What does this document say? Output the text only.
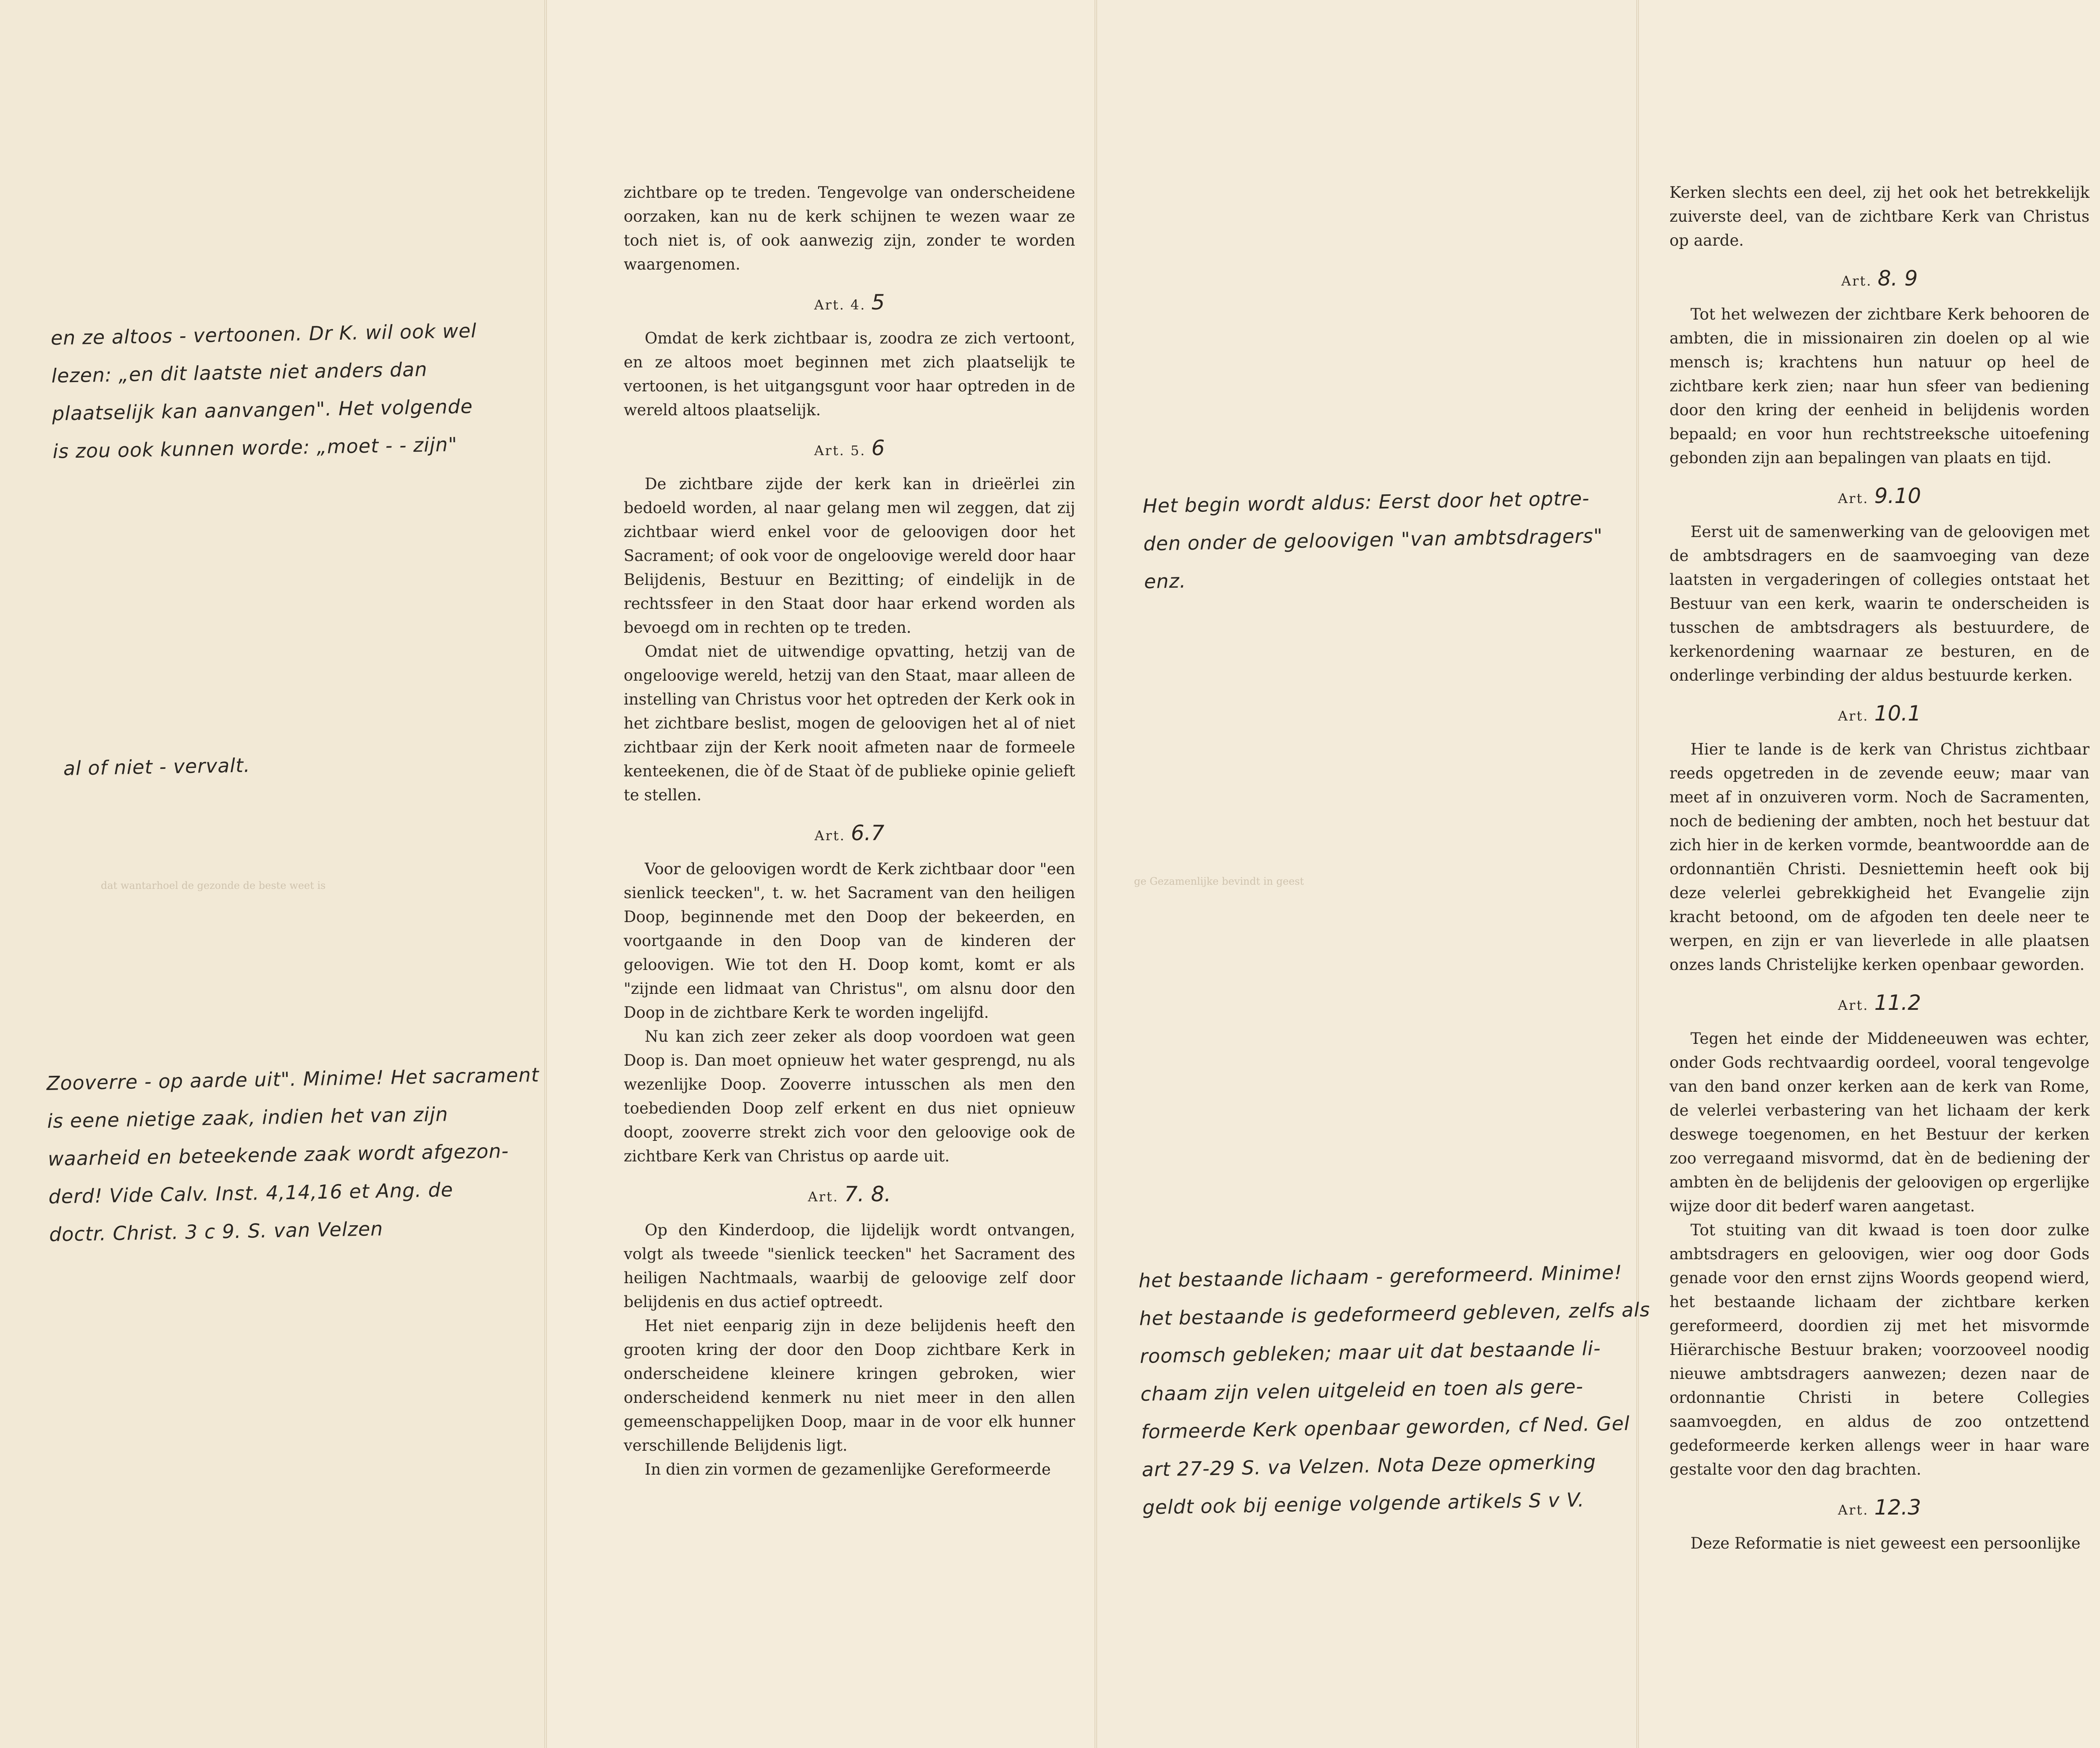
dat wantarhoel de gezonde de beste weet is	ge Gezamenlijke bevindt in geest

zichtbare op te treden. Tengevolge van onderscheidene oorzaken, kan nu de kerk schijnen te wezen waar ze toch niet is, of ook aanwezig zijn, zonder te worden waargenomen.

Art. 4. 5

Omdat de kerk zichtbaar is, zoodra ze zich vertoont, en ze altoos moet beginnen met zich plaatselijk te vertoonen, is het uitgangsgunt voor haar optreden in de wereld altoos plaatselijk.

Art. 5. 6

De zichtbare zijde der kerk kan in drieërlei zin bedoeld worden, al naar gelang men wil zeggen, dat zij zichtbaar wierd enkel voor de geloovigen door het Sacrament; of ook voor de ongeloovige wereld door haar Belijdenis, Bestuur en Bezitting; of eindelijk in de rechtssfeer in den Staat door haar erkend worden als bevoegd om in rechten op te treden.

Omdat niet de uitwendige opvatting, hetzij van de ongeloovige wereld, hetzij van den Staat, maar alleen de instelling van Christus voor het optreden der Kerk ook in het zichtbare beslist, mogen de geloovigen het al of niet zichtbaar zijn der Kerk nooit afmeten naar de formeele kenteekenen, die òf de Staat òf de publieke opinie gelieft te stellen.

Art. 6.7

Voor de geloovigen wordt de Kerk zichtbaar door "een sienlick teecken", t. w. het Sacrament van den heiligen Doop, beginnende met den Doop der bekeerden, en voortgaande in den Doop van de kinderen der geloovigen. Wie tot den H. Doop komt, komt er als "zijnde een lidmaat van Christus", om alsnu door den Doop in de zichtbare Kerk te worden ingelijfd.

Nu kan zich zeer zeker als doop voordoen wat geen Doop is. Dan moet opnieuw het water gesprengd, nu als wezenlijke Doop. Zooverre intusschen als men den toebedienden Doop zelf erkent en dus niet opnieuw doopt, zooverre strekt zich voor den geloovige ook de zichtbare Kerk van Christus op aarde uit.

Art. 7. 8.

Op den Kinderdoop, die lijdelijk wordt ontvangen, volgt als tweede "sienlick teecken" het Sacrament des heiligen Nachtmaals, waarbij de geloovige zelf door belijdenis en dus actief optreedt.

Het niet eenparig zijn in deze belijdenis heeft den grooten kring der door den Doop zichtbare Kerk in onderscheidene kleinere kringen gebroken, wier onderscheidend kenmerk nu niet meer in den allen gemeenschappelijken Doop, maar in de voor elk hunner verschillende Belijdenis ligt.

In dien zin vormen de gezamenlijke Gereformeerde

Kerken slechts een deel, zij het ook het betrekkelijk zuiverste deel, van de zichtbare Kerk van Christus op aarde.

Art. 8. 9

Tot het welwezen der zichtbare Kerk behooren de ambten, die in missionairen zin doelen op al wie mensch is; krachtens hun natuur op heel de zichtbare kerk zien; naar hun sfeer van bediening door den kring der eenheid in belijdenis worden bepaald; en voor hun rechtstreeksche uitoefening gebonden zijn aan bepalingen van plaats en tijd.

Art. 9.10

Eerst uit de samenwerking van de geloovigen met de ambtsdragers en de saamvoeging van deze laatsten in vergaderingen of collegies ontstaat het Bestuur van een kerk, waarin te onderscheiden is tusschen de ambtsdragers als bestuurdere, de kerkenordening waarnaar ze besturen, en de onderlinge verbinding der aldus bestuurde kerken.

Art. 10.1

Hier te lande is de kerk van Christus zichtbaar reeds opgetreden in de zevende eeuw; maar van meet af in onzuiveren vorm. Noch de Sacramenten, noch de bediening der ambten, noch het bestuur dat zich hier in de kerken vormde, beantwoordde aan de ordonnantiën Christi. Desniettemin heeft ook bij deze velerlei gebrekkigheid het Evangelie zijn kracht betoond, om de afgoden ten deele neer te werpen, en zijn er van lieverlede in alle plaatsen onzes lands Christelijke kerken openbaar geworden.

Art. 11.2

Tegen het einde der Middeneeuwen was echter, onder Gods rechtvaardig oordeel, vooral tengevolge van den band onzer kerken aan de kerk van Rome, de velerlei verbastering van het lichaam der kerk deswege toegenomen, en het Bestuur der kerken zoo verregaand misvormd, dat èn de bediening der ambten èn de belijdenis der geloovigen op ergerlijke wijze door dit bederf waren aangetast.

Tot stuiting van dit kwaad is toen door zulke ambtsdragers en geloovigen, wier oog door Gods genade voor den ernst zijns Woords geopend wierd, het bestaande lichaam der zichtbare kerken gereformeerd, doordien zij met het misvormde Hiërarchische Bestuur braken; voorzooveel noodig nieuwe ambtsdragers aanwezen; dezen naar de ordonnantie Christi in betere Collegies saamvoegden, en aldus de zoo ontzettend gedeformeerde kerken allengs weer in haar ware gestalte voor den dag brachten.

Art. 12.3

Deze Reformatie is niet geweest een persoonlijke

en ze altoos - vertoonen. Dr K. wil ook wel
lezen: „en dit laatste niet anders dan
plaatselijk kan aanvangen". Het volgende
is zou ook kunnen worde: „moet - - zijn"
al of niet - vervalt.
Zooverre - op aarde uit". Minime! Het sacrament
is eene nietige zaak, indien het van zijn
waarheid en beteekende zaak wordt afgezon-
derd! Vide Calv. Inst. 4,14,16 et Ang. de
doctr. Christ. 3 c 9. S. van Velzen
Het begin wordt aldus: Eerst door het optre-
den onder de geloovigen "van ambtsdragers"
enz.
het bestaande lichaam - gereformeerd. Minime!
het bestaande is gedeformeerd gebleven, zelfs als
roomsch gebleken; maar uit dat bestaande li-
chaam zijn velen uitgeleid en toen als gere-
formeerde Kerk openbaar geworden, cf Ned. Gel
art 27-29 S. va Velzen. Nota Deze opmerking
geldt ook bij eenige volgende artikels S v V.
